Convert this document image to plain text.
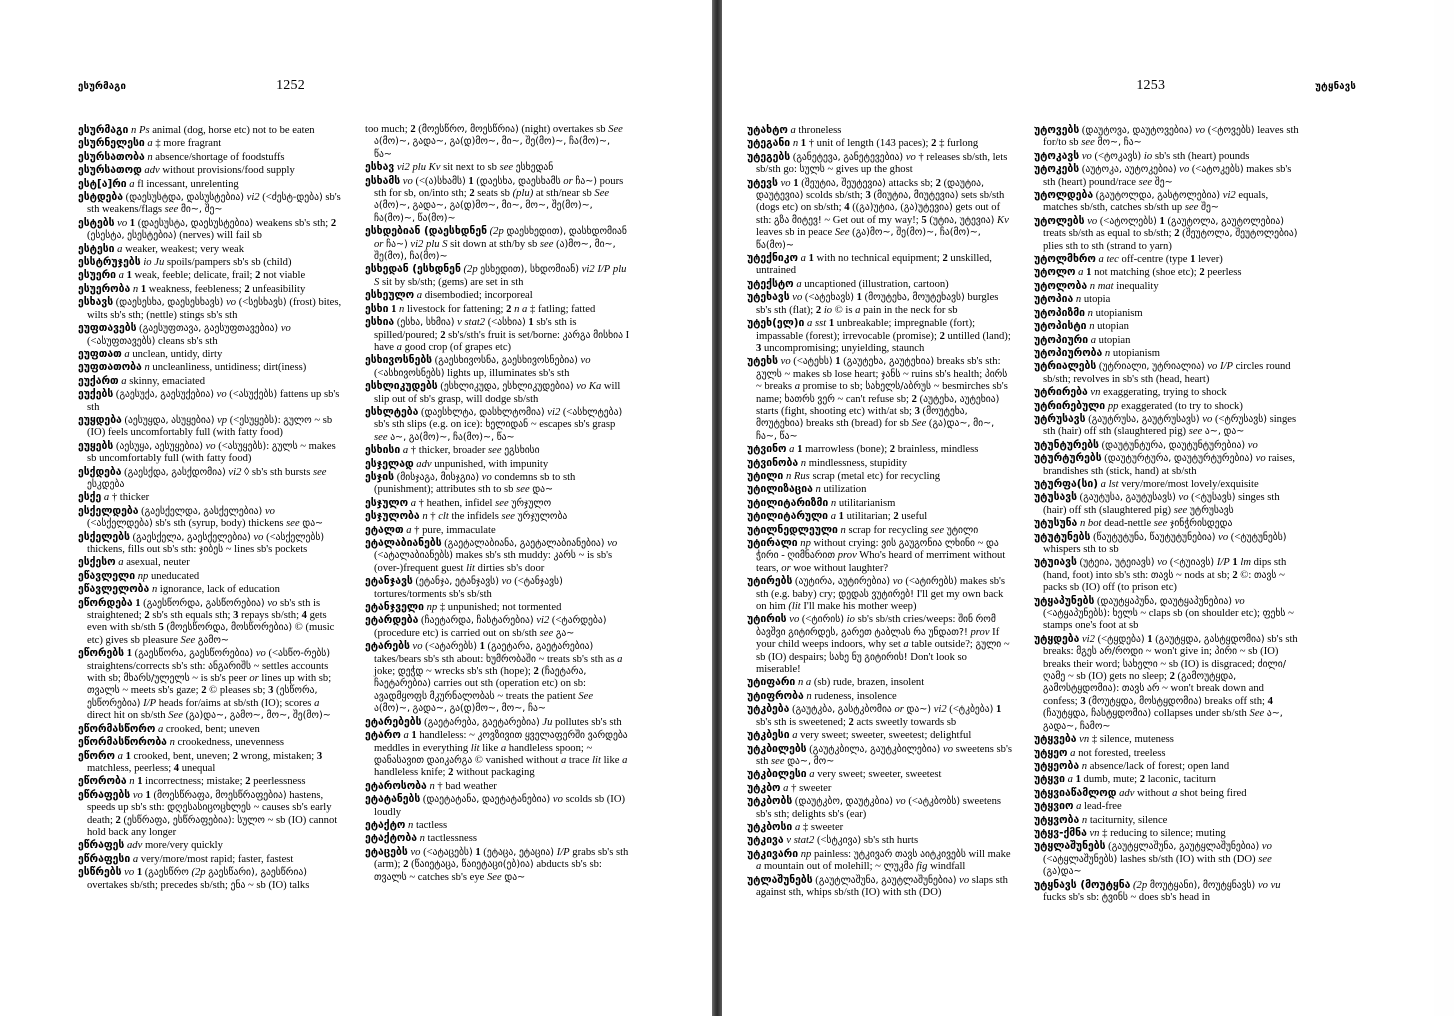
ესურმაგი	1252
ესურმაგი n Ps animal (dog, horse etc) not to be eaten
ესურნელესი a ‡ more fragrant
ესურსათობა n absence/shortage of foodstuffs
ესურსათოდ adv without provisions/food supply
ესტ[ა]რი a fl incessant, unrelenting
ესტდება (დაესუსტდა, დასუსტებია) vi2 (<ძესტ-დება) sb's sth weakens/flags see მი~, შე~
ესტებს vo 1 (დაესუსტა, დაესუსტებია) weakens sb's sth; 2 (ესესტა, ესესტებია) (nerves) will fail sb
ესტესი a weaker, weakest; very weak
ესსტრუჯებს io Ju spoils/pampers sb's sb (child)
ესუერი a 1 weak, feeble; delicate, frail; 2 not viable
ესუერობა n 1 weakness, feebleness; 2 unfeasibility
ესხავს (დაესესხა, დაესესხავს) vo (<სესხავს) (frost) bites, wilts sb's sth; (nettle) stings sb's sth
ეუფთავებს (გაესუფთავა, გაესუფთავებია) vo (<ასუფთავებს) cleans sb's sth
ეუფთათ a unclean, untidy, dirty
ეუფთათობა n uncleanliness, untidiness; dirt(iness)
ეუქართ a skinny, emaciated
ეუქებს (გაესუქა, გაესუქებია) vo (<ასუქებს) fattens up sb's sth
ეუყდება (აესუყდა, ასუყებია) vp (<ესუყებს): გულო ~ sb (IO) feels uncomfortably full (with fatty food)
ეუყებს (აესუყა, აესუყებია) vo (<ასუყებს): გულს ~ makes sb uncomfortably full (with fatty food)
ესქდება (გაესქდა, გასქდომია) vi2 ◊ sb's sth bursts see ესკდება
ესქე a † thicker
ესქელდება (გაესქელდა, გასქელებია) vo (<ასქელდება) sb's sth (syrup, body) thickens see და~
ესქელებს (გაესქელა, გაესქელებია) vo (<ასქელებს) thickens, fills out sb's sth: ჯიბეს ~ lines sb's pockets
ესქესო a asexual, neuter
ეწავლელი np uneducated
ეწავლელობა n ignorance, lack of education
ეწორდება 1 (გაესწორდა, გასწორებია) vo sb's sth is straightened; 2 sb's sth equals sth; 3 repays sb/sth; 4 gets even with sb/sth 5 (მოესწორდა, მოსწორებია) © (music etc) gives sb pleasure See გამო~
ეწორებს 1 (გაესწორა, გაესწორებია) vo (<ასწო-რებს) straightens/corrects sb's sth: ანგარიშს ~ settles accounts with sb; მხარს/ულელს ~ is sb's peer or lines up with sb; თვალს ~ meets sb's gaze; 2 © pleases sb; 3 (ესწორა, ესწორებია) I/P heads for/aims at sb/sth (IO); scores a direct hit on sb/sth See (გა)და~, გამო~, მო~, შე(მო)~
ეწორმასწორო a crooked, bent; uneven
ეწორმასწორობა n crookedness, unevenness
ეწორო a 1 crooked, bent, uneven; 2 wrong, mistaken; 3 matchless, peerless; 4 unequal
ეწორობა n 1 incorrectness; mistake; 2 peerlessness
ეწრაფებს vo 1 (მოესწრაფა, მოესწრაფებია) hastens, speeds up sb's sth: დღესასიცოცხლეს ~ causes sb's early death; 2 (ესწრაფა, ესწრაფებია): სულო ~ sb (IO) cannot hold back any longer
ეწრაფეს adv more/very quickly
ეწრაფესი a very/more/most rapid; faster, fastest
ესწრებს vo 1 (გაესწრო (2p გაესწარი), გაესწრია) overtakes sb/sth; precedes sb/sth; ენა ~ sb (IO) talks
too much; 2 (მოესწრო, მოესწრია) (night) overtakes sb See ა(მო)~, გადა~, გა(დ)მო~, მი~, შე(მო)~, ჩა(მო)~, წა~
ესხავ vi2 plu Kv sit next to sb see ესხედან
ესხამს vo (<(ა)სხამს) 1 (დაესხა, დაესხამს or ჩა~) pours sth for sb, on/into sth; 2 seats sb (plu) at sth/near sb See ა(მო)~, გადა~, გა(დ)მო~, მი~, მო~, შე(მო)~, ჩა(მო)~, წა(მო)~
ესხდებიან (დაესხდნენ (2p დაესხედით), დასხდომიან or ჩა~) vi2 plu S sit down at sth/by sb see (ა)მო~, მი~, შე(მო), ჩა(მო)~
ესხედან (ესხდნენ (2p ესხედით), სხდომიან) vi2 I/P plu S sit by sb/sth; (gems) are set in sth
ესხეულო a disembodied; incorporeal
ესხი 1 n livestock for fattening; 2 n a ‡ fatling; fatted
ესხია (ესხა, სხმია) v stat2 (<ასხია) 1 sb's sth is spilled/poured; 2 sb's/sth's fruit is set/borne: კარგა მისხია I have a good crop (of grapes etc)
ესხივოსნებს (გაესხივოსნა, გაესხივოსნებია) vo (<ასხივოსნებს) lights up, illuminates sb's sth
ესხლიკუდებს (ესხლიკუდა, ესხლიკუდებია) vo Ka will slip out of sb's grasp, will dodge sb/sth
ესხლტება (დაესხლტა, დასხლტომია) vi2 (<ასხლტება) sb's sth slips (e.g. on ice): ხელიდან ~ escapes sb's grasp see ა~, გა(მო)~, ჩა(მო)~, წა~
ესხისი a † thicker, broader see ეგსხისი
ესჯელად adv unpunished, with impunity
ესჯის (მისჯაგა, მისჯგია) vo condemns sb to sth (punishment); attributes sth to sb see და~
ესჯულო a † heathen, infidel see ურჯულო
ესჯულობა n † clt the infidels see ურჯულობა
ეტალთ a † pure, immaculate
ეტალაბიანებს (გაეტალაბიანა, გაეტალაბიანებია) vo (<ატალაბიანებს) makes sb's sth muddy: კარს ~ is sb's (over-)frequent guest lit dirties sb's door
ეტანჯავს (ეტანჯა, ეტანჯავს) vo (<ტანჯავს) tortures/torments sb's sb/sth
ეტანჯველი np ‡ unpunished; not tormented
ეტარდება (ჩაეტარდა, ჩასტარებია) vi2 (<ტარდება) (procedure etc) is carried out on sb/sth see გა~
ეტარებს vo (<ატარებს) 1 (გაეტარა, გაეტარებია) takes/bears sb's sth about: ხუმრობაში ~ treats sb's sth as a joke; დეჭდ ~ wrecks sb's sth (hope); 2 (ჩაეტარა, ჩაეტარებია) carries out sth (operation etc) on sb: ავადმყოფს მკურნალობას ~ treats the patient See ა(მო)~, გადა~, გა(დ)მო~, მო~, ჩა~
ეტარებებს (გაეტარება, გაეტარებია) Ju pollutes sb's sth
ეტარო a 1 handleless: ~ კოვზივით ყველაფერში ვარდება meddles in everything lit like a handleless spoon; ~ დანასავით დაიკარგა © vanished without a trace lit like a handleless knife; 2 without packaging
ეტაროსობა n † bad weather
ეტატანებს (დაეტატანა, დაეტატანებია) vo scolds sb (IO) loudly
ეტაქტო n tactless
ეტაქტობა n tactlessness
ეტაცებს vo (<ატაცებს) 1 (ეტაცა, ეტაცია) I/P grabs sb's sth (arm); 2 (წაიეტაცა, წაიეტაცი(ებ)ია) abducts sb's sb: თვალს ~ catches sb's eye See და~
1253	უტყნავს
უტახტო a throneless
უტეგანი n 1 † unit of length (143 paces); 2 ‡ furlong
უტეგებს (განეტევა, განეტევებია) vo † releases sb/sth, lets sb/sth go: სულს ~ gives up the ghost
უტევს vo 1 (შეუტია, შეუტევია) attacks sb; 2 (დაუტია, დაუტევია) scolds sb/sth; 3 (მიუტია, მიუტევია) sets sb/sth (dogs etc) on sb/sth; 4 ((გა)უტია, (გა)უტევია) gets out of sth: გზა მიტევ! ~ Get out of my way!; 5 (უტია, უტევია) Kv leaves sb in peace See (გა)მო~, შე(მო)~, ჩა(მო)~, წა(მო)~
უტექნიკო a 1 with no technical equipment; 2 unskilled, untrained
უტექსტო a uncaptioned (illustration, cartoon)
უტეხავს vo (<ატეხავს) 1 (მოუტეხა, მოუტეხავს) burgles sb's sth (flat); 2 io © is a pain in the neck for sb
უტეხ(ელ)ი a sst 1 unbreakable; impregnable (fort); impassable (forest); irrevocable (promise); 2 untilled (land); 3 uncompromising; unyielding, staunch
უტეხს vo (<ატეხს) 1 (გაუტეხა, გაუტეხია) breaks sb's sth: გულს ~ makes sb lose heart; ჯანს ~ ruins sb's health; პირს ~ breaks a promise to sb; სახელს/აბრუს ~ besmirches sb's name; ხათრს ვერ ~ can't refuse sb; 2 (აუტეხა, აუტეხია) starts (fight, shooting etc) with/at sb; 3 (მოუტეხა, მოუტეხია) breaks sth (bread) for sb See (გა)და~, მი~, ჩა~, წა~
უტვინო a 1 marrowless (bone); 2 brainless, mindless
უტვინობა n mindlessness, stupidity
უტილი n Rus scrap (metal etc) for recycling
უტილიზაცია n utilization
უტილიტარიზმი n utilitarianism
უტილიტარული a 1 utilitarian; 2 useful
უტილნედლეული n scrap for recycling see უტილი
უტირალი np without crying: ვის გაუგონია ლხინი ~ და ჭირი - ღიმნარით prov Who's heard of merriment without tears, or woe without laughter?
უტირებს (აუტირა, აუტირებია) vo (<ატირებს) makes sb's sth (e.g. baby) cry; დედას ვუტირებ! I'll get my own back on him (lit I'll make his mother weep)
უტირის vo (<ტირის) io sb's sb/sth cries/weeps: შინ რომ ბავშვი გიტირდეს, გარეთ ტაბლას რა უნდათ?! prov If your child weeps indoors, why set a table outside?; გული ~ sb (IO) despairs; სახე ნუ გიტირის! Don't look so miserable!
უტიფარი n a (sb) rude, brazen, insolent
უტიფრობა n rudeness, insolence
უტკბება (გაუტკბა, გასტკბომია or და~) vi2 (<ტკბება) 1 sb's sth is sweetened; 2 acts sweetly towards sb
უტკბესი a very sweet; sweeter, sweetest; delightful
უტკბილებს (გაუტკბილა, გაუტკბილებია) vo sweetens sb's sth see და~, მო~
უტკბილესი a very sweet; sweeter, sweetest
უტკბო a † sweeter
უტკბობს (დაუტკბო, დაუტკბია) vo (<ატკბობს) sweetens sb's sth; delights sb's (ear)
უტკბოსი a ‡ sweeter
უტკივა v stat2 (<სტკივა) sb's sth hurts
უტკივარი np painless: უტკივარ თავს აიტკივებს will make a mountain out of molehill; ~ ლუკმა fig windfall
უტლაშუნებს (გაუტლაშუნა, გაუტლაშუნებია) vo slaps sth against sth, whips sb/sth (IO) with sth (DO)
უტოვებს (დაუტოვა, დაუტოვებია) vo (<ტოვებს) leaves sth for/to sb see მო~, ჩა~
უტოკავს vo (<ტოკავს) io sb's sth (heart) pounds
უტოკებს (აუტოკა, აუტოკებია) vo (<ატოკებს) makes sb's sth (heart) pound/race see შე~
უტოლდება (გაუტოლდა, გასტოლებია) vi2 equals, matches sb/sth, catches sb/sth up see შე~
უტოლებს vo (<ატოლებს) 1 (გაუტოლა, გაუტოლებია) treats sb/sth as equal to sb/sth; 2 (შეუტოლა, შეუტოლებია) plies sth to sth (strand to yarn)
უტოლმხრო a tec off-centre (type 1 lever)
უტოლო a 1 not matching (shoe etc); 2 peerless
უტოლობა n mat inequality
უტოპია n utopia
უტოპიზმი n utopianism
უტოპისტი n utopian
უტოპიური a utopian
უტოპიურობა n utopianism
უტრიალებს (უტრიალი, უტრიალია) vo I/P circles round sb/sth; revolves in sb's sth (head, heart)
უტრირება vn exaggerating, trying to shock
უტრირებული pp exaggerated (to try to shock)
უტრუსავს (გაუტრუსა, გაუტრუსავს) vo (<ტრუსავს) singes sth (hair) off sth (slaughtered pig) see ა~, და~
უტუნტურებს (დაუტუნტურა, დაუტუნტურებია) vo
უტურტურებს (დაუტურტურა, დაუტურტურებია) vo raises, brandishes sth (stick, hand) at sb/sth
უტურფა(სი) a lst very/more/most lovely/exquisite
უტუსავს (გაუტუსა, გაუტუსავს) vo (<ტუსავს) singes sth (hair) off sth (slaughtered pig) see უტრუსავს
უტუსუნა n bot dead-nettle see ჯინჭრისდედა
უტუტუნებს (წაუტუტუნა, წაუტუტუნებია) vo (<ტუტუნებს) whispers sth to sb
უტუიავს (უტეია, უტეიავს) vo (<ტუიავს) I/P 1 lm dips sth (hand, foot) into sb's sth: თავს ~ nods at sb; 2 ©: თავს ~ packs sb (IO) off (to prison etc)
უტყაპუნებს (დაუტყაპუნა, დაუტყაპუნებია) vo (<ატყაპუნებს): ხელს ~ claps sb (on shoulder etc); ფეხს ~ stamps one's foot at sb
უტყდება vi2 (<ტყდება) 1 (გაუტყდა, გასტყდომია) sb's sth breaks: მგეს არ/როდი ~ won't give in; პირი ~ sb (IO) breaks their word; სახელი ~ sb (IO) is disgraced; ძილი/ღამე ~ sb (IO) gets no sleep; 2 (გამოუტყდა, გამოსტყდომია): თავს არ ~ won't break down and confess; 3 (მოუტყდა, მოსტყდომია) breaks off sth; 4 (ჩაუტყდა, ჩასტყდომია) collapses under sb/sth See ა~, გადა~, ჩამო~
უტყვება vn ‡ silence, muteness
უტყეო a not forested, treeless
უტყეობა n absence/lack of forest; open land
უტყვი a 1 dumb, mute; 2 laconic, taciturn
უტყვიაწამლოდ adv without a shot being fired
უტყვიო a lead-free
უტყვობა n taciturnity, silence
უტყვ-ქმნა vn ‡ reducing to silence; muting
უტყლაშუნებს (გაუტყლაშუნა, გაუტყლაშუნებია) vo (<ატყლაშუნებს) lashes sb/sth (IO) with sth (DO) see (გა)და~
უტყნავს (მოუტყნა (2p მოუტყანი), მოუტყნავს) vo vu fucks sb's sb: ტვინს ~ does sb's head in
